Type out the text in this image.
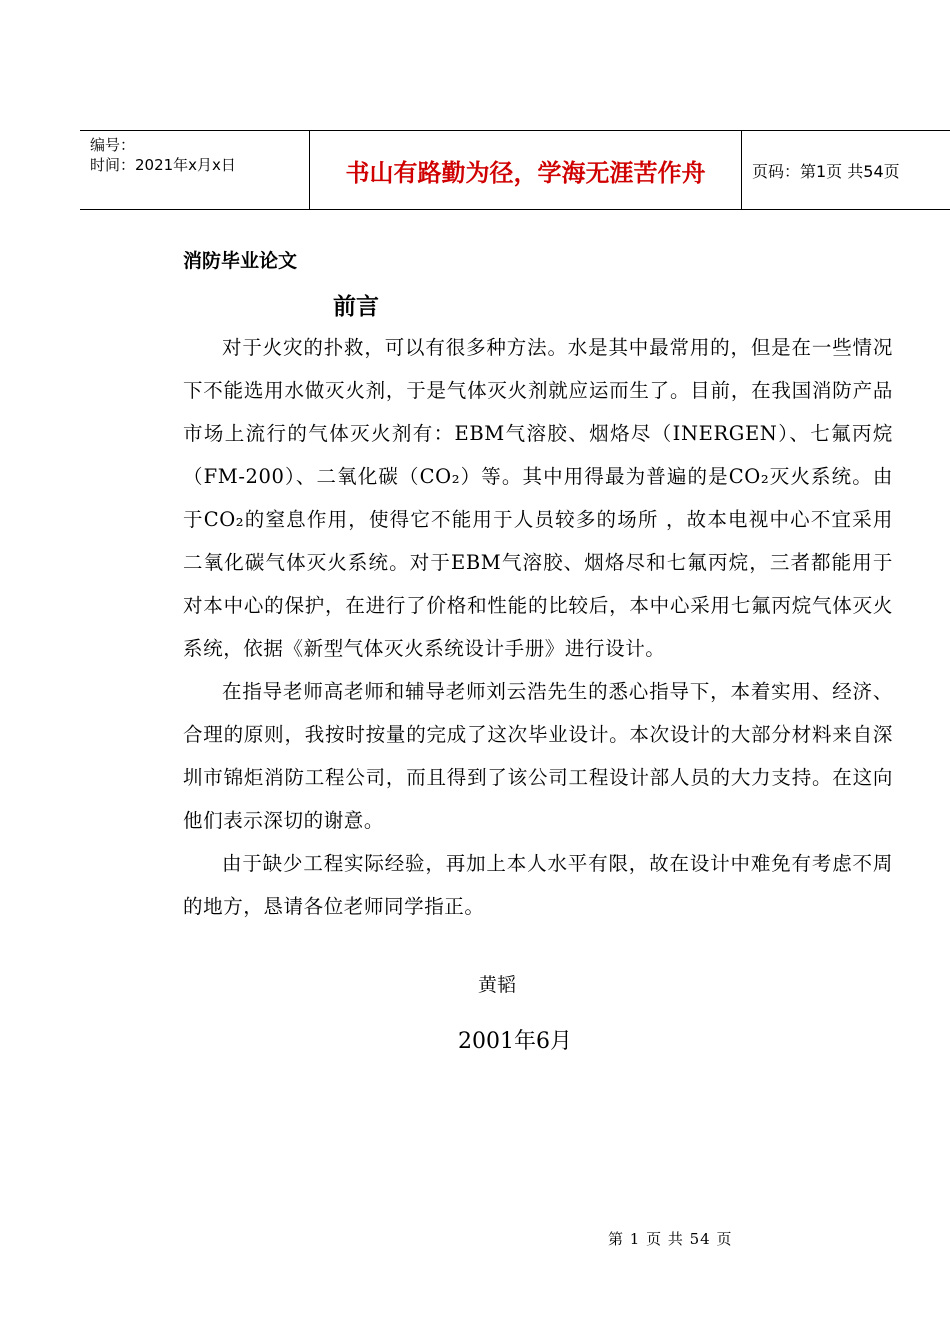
编号：
时间：2021年x月x日	书山有路勤为径，学海无涯苦作舟	页码：第1页 共54页
消防毕业论文
前言

对于火灾的扑救，可以有很多种方法。水是其中最常用的，但是在一些情况下不能选用水做灭火剂，于是气体灭火剂就应运而生了。目前，在我国消防产品市场上流行的气体灭火剂有：EBM气溶胶、烟烙尽（INERGEN）、七氟丙烷（FM-200）、二氧化碳（CO₂）等。其中用得最为普遍的是CO₂灭火系统。由于CO₂的窒息作用，使得它不能用于人员较多的场所 ，故本电视中心不宜采用二氧化碳气体灭火系统。对于EBM气溶胶、烟烙尽和七氟丙烷，三者都能用于对本中心的保护，在进行了价格和性能的比较后，本中心采用七氟丙烷气体灭火系统，依据《新型气体灭火系统设计手册》进行设计。

在指导老师高老师和辅导老师刘云浩先生的悉心指导下，本着实用、经济、合理的原则，我按时按量的完成了这次毕业设计。本次设计的大部分材料来自深圳市锦炬消防工程公司，而且得到了该公司工程设计部人员的大力支持。在这向他们表示深切的谢意。

由于缺少工程实际经验，再加上本人水平有限，故在设计中难免有考虑不周的地方，恳请各位老师同学指正。

黄韬
2001年6月
第 1 页 共 54 页
